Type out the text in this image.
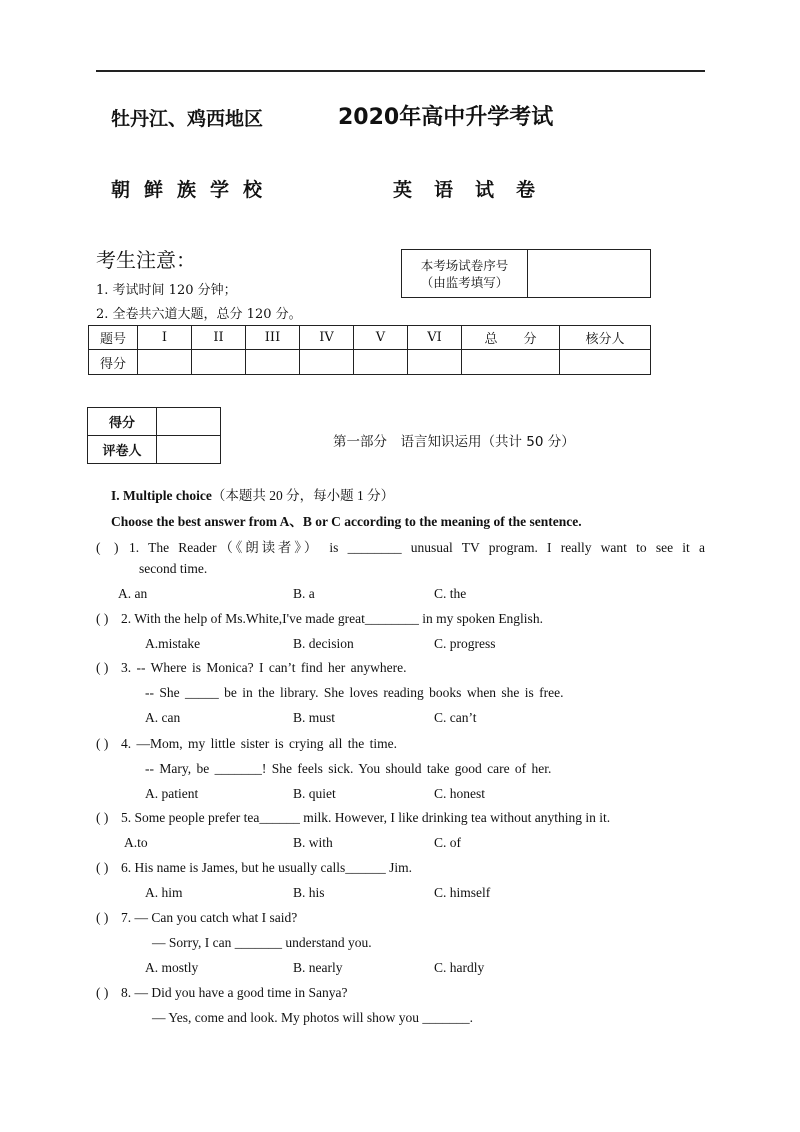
牡丹江、鸡西地区	2020年高中升学考试
朝鲜族学校	英语试卷
考生注意：
1. 考试时间 120 分钟；
2. 全卷共六道大题，总分 120 分。
本考场试卷序号
（由监考填写）

题号	I	II	III	IV	V	VI	总　　分	核分人
得分								
得分	
评卷人	
第一部分　语言知识运用（共计 50 分）
I. Multiple choice（本题共 20 分，每小题 1 分）
Choose the best answer from A、B or C according to the meaning of the sentence.
(　) 1. The Reader（《朗读者》） is ________ unusual TV program. I really want to see it a
second time.
A. an	B. a	C. the
( ) 2. With the help of Ms.White,I've made great________ in my spoken English.
A.mistake	B. decision	C. progress
( ) 3. -- Where is Monica? I can’t find her anywhere.
-- She _____ be in the library. She loves reading books when she is free.
A. can	B. must	C. can’t
( ) 4. —Mom, my little sister is crying all the time.
-- Mary, be _______! She feels sick. You should take good care of her.
A. patient	B. quiet	C. honest
( ) 5. Some people prefer tea______ milk. However, I like drinking tea without anything in it.
A.to	B. with	C. of
( ) 6. His name is James, but he usually calls______ Jim.
A. him	B. his	C. himself
( ) 7. — Can you catch what I said?
— Sorry, I can _______ understand you.
A. mostly	B. nearly	C. hardly
( ) 8. — Did you have a good time in Sanya?
— Yes, come and look. My photos will show you _______.
